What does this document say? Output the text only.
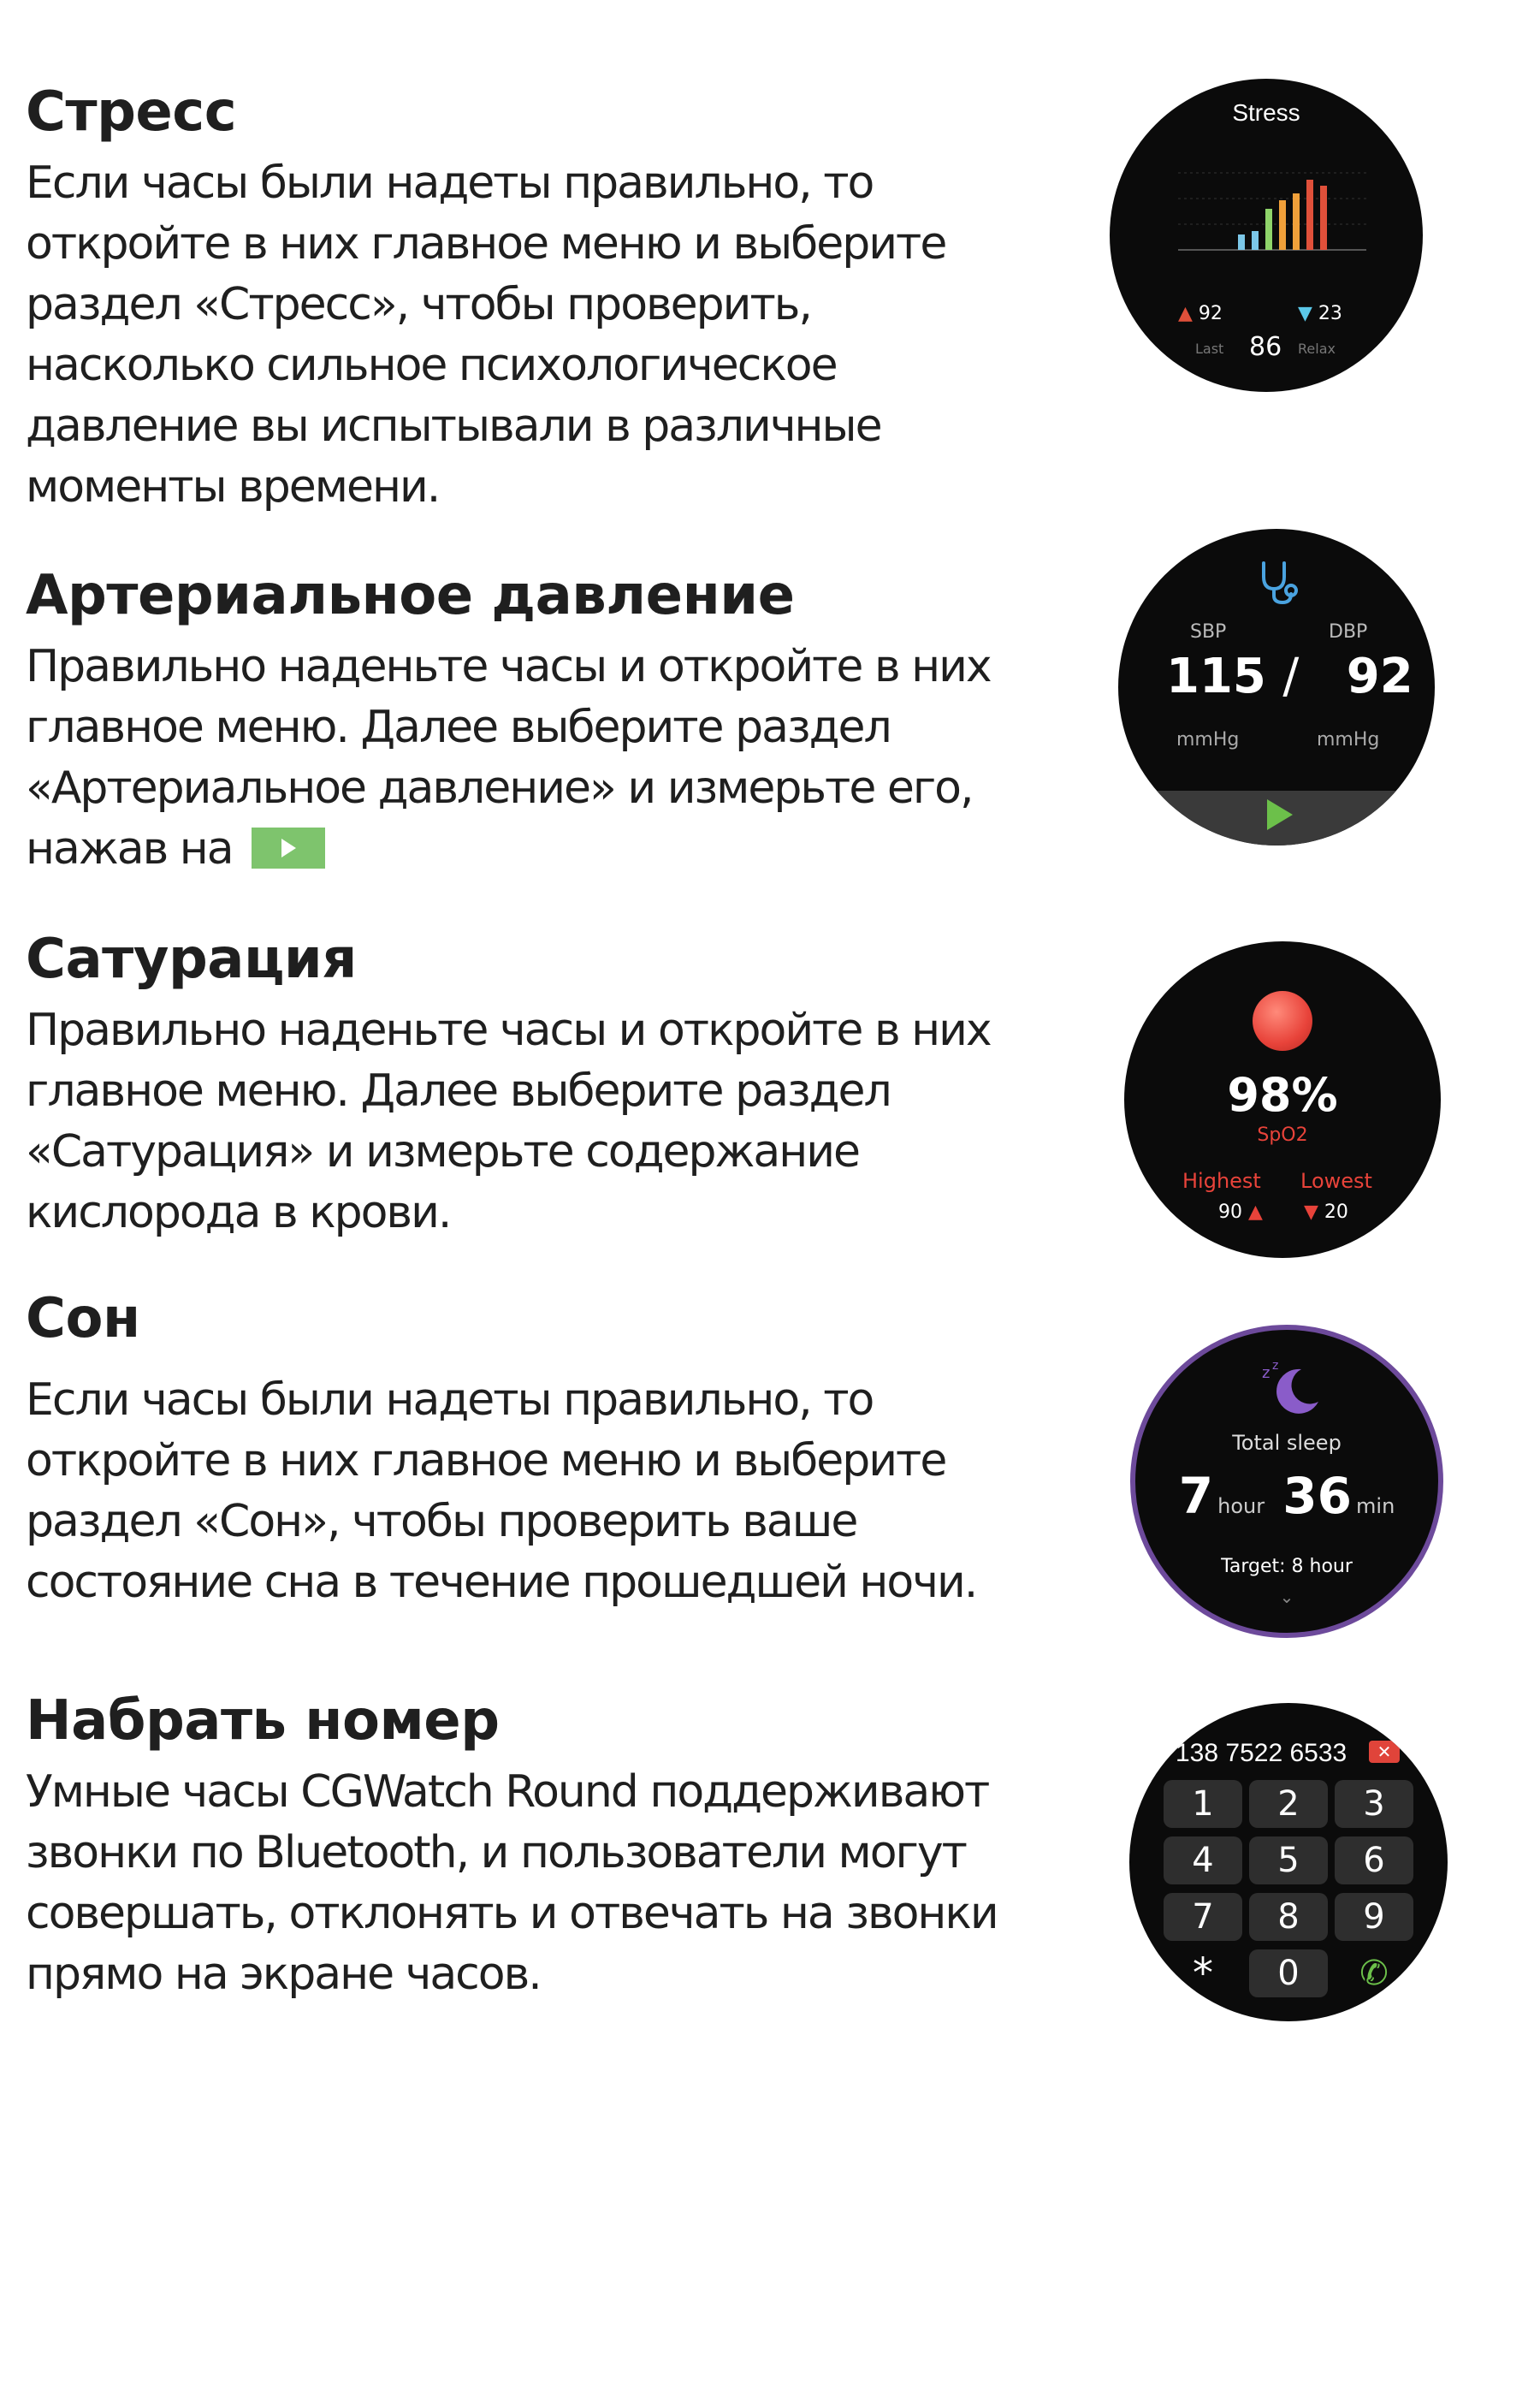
Стресс

Если часы были надеты правильно, то

откройте в них главное меню и выберите

раздел «Стресс», чтобы проверить,

насколько сильное психологическое

давление вы испытывали в различные

моменты времени.

Артериальное давление

Правильно наденьте часы и откройте в них

главное меню. Далее выберите раздел

«Артериальное давление» и измерьте его,

нажав на

Сатурация

Правильно наденьте часы и откройте в них

главное меню. Далее выберите раздел

«Сатурация» и измерьте содержание

кислорода в крови.

Сон

Если часы были надеты правильно, то

откройте в них главное меню и выберите

раздел «Сон», чтобы проверить ваше

состояние сна в течение прошедшей ночи.

Набрать номер

Умные часы CGWatch Round поддерживают

звонки по Bluetooth, и пользователи могут

совершать, отклонять и отвечать на звонки

прямо на экране часов.

Stress
▲ 92	▼ 23
Last 86 Relax
SBP	DBP
115 / 92
mmHg	mmHg
98%
SpO2
Highest Lowest
90 ▲ ▼ 20
z z
Total sleep
7 hour 36 min
Target: 8 hour
⌄
138 7522 6533	✕
1	2	3
4	5	6
7	8	9
*	0	✆
